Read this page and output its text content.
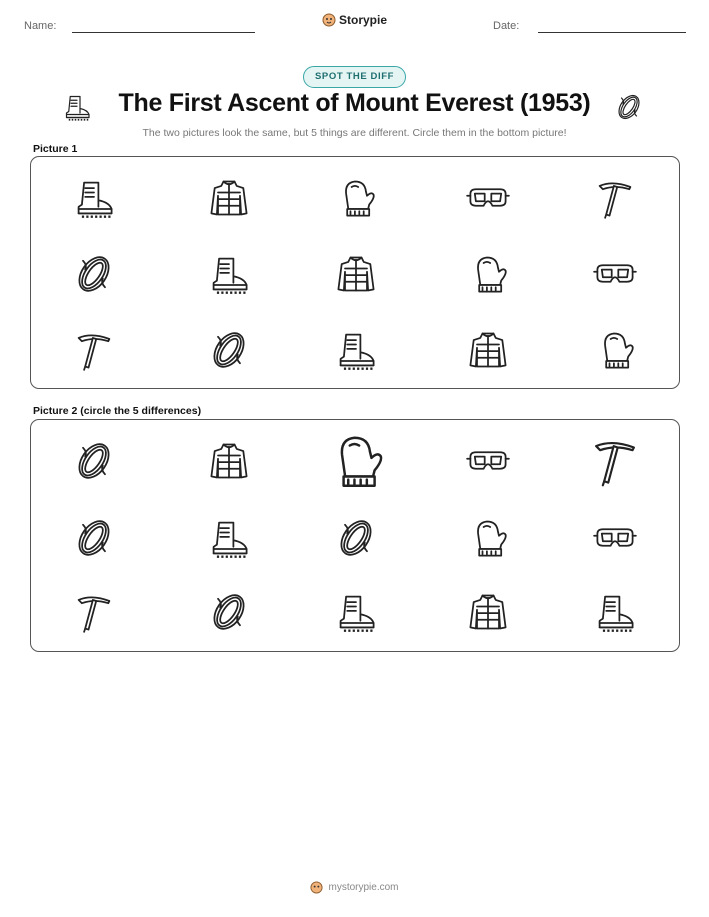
Name:	Storypie	Date:
SPOT THE DIFF
The First Ascent of Mount Everest (1953)
The two pictures look the same, but 5 things are different. Circle them in the bottom picture!
Picture 1
Picture 2 (circle the 5 differences)
mystorypie.com
